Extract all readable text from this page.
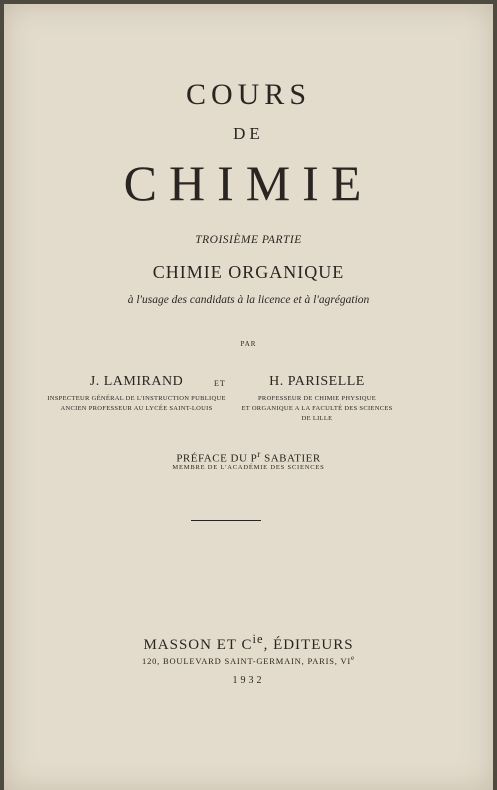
COURS
DE
CHIMIE
TROISIÈME PARTIE
CHIMIE ORGANIQUE
à l'usage des candidats à la licence et à l'agrégation
PAR
J. LAMIRAND
INSPECTEUR GÉNÉRAL DE L'INSTRUCTION PUBLIQUE
ANCIEN PROFESSEUR AU LYCÉE SAINT-LOUIS
ET	H. PARISELLE
PROFESSEUR DE CHIMIE PHYSIQUE
ET ORGANIQUE A LA FACULTÉ DES SCIENCES
DE LILLE
PRÉFACE DU $P^r$ SABATIER
MEMBRE DE L'ACADÉMIE DES SCIENCES
MASSON ET $C^{ie}$, ÉDITEURS
120, BOULEVARD SAINT-GERMAIN, PARIS, VIe
1932
